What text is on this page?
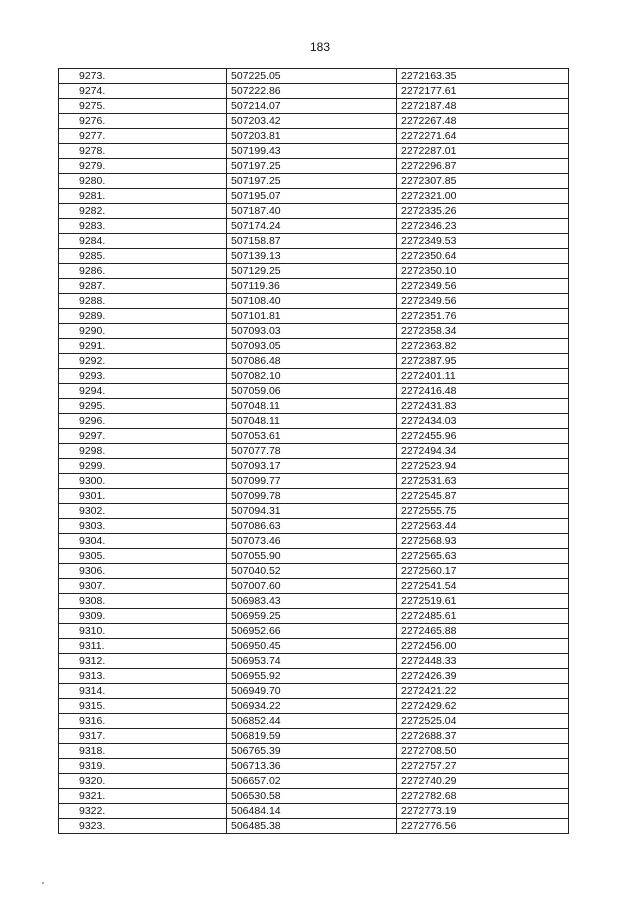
183
9273.	507225.05	2272163.35
9274.	507222.86	2272177.61
9275.	507214.07	2272187.48
9276.	507203.42	2272267.48
9277.	507203.81	2272271.64
9278.	507199.43	2272287.01
9279.	507197.25	2272296.87
9280.	507197.25	2272307.85
9281.	507195.07	2272321.00
9282.	507187.40	2272335.26
9283.	507174.24	2272346.23
9284.	507158.87	2272349.53
9285.	507139.13	2272350.64
9286.	507129.25	2272350.10
9287.	507119.36	2272349.56
9288.	507108.40	2272349.56
9289.	507101.81	2272351.76
9290.	507093.03	2272358.34
9291.	507093.05	2272363.82
9292.	507086.48	2272387.95
9293.	507082.10	2272401.11
9294.	507059.06	2272416.48
9295.	507048.11	2272431.83
9296.	507048.11	2272434.03
9297.	507053.61	2272455.96
9298.	507077.78	2272494.34
9299.	507093.17	2272523.94
9300.	507099.77	2272531.63
9301.	507099.78	2272545.87
9302.	507094.31	2272555.75
9303.	507086.63	2272563.44
9304.	507073.46	2272568.93
9305.	507055.90	2272565.63
9306.	507040.52	2272560.17
9307.	507007.60	2272541.54
9308.	506983.43	2272519.61
9309.	506959.25	2272485.61
9310.	506952.66	2272465.88
9311.	506950.45	2272456.00
9312.	506953.74	2272448.33
9313.	506955.92	2272426.39
9314.	506949.70	2272421.22
9315.	506934.22	2272429.62
9316.	506852.44	2272525.04
9317.	506819.59	2272688.37
9318.	506765.39	2272708.50
9319.	506713.36	2272757.27
9320.	506657.02	2272740.29
9321.	506530.58	2272782.68
9322.	506484.14	2272773.19
9323.	506485.38	2272776.56
